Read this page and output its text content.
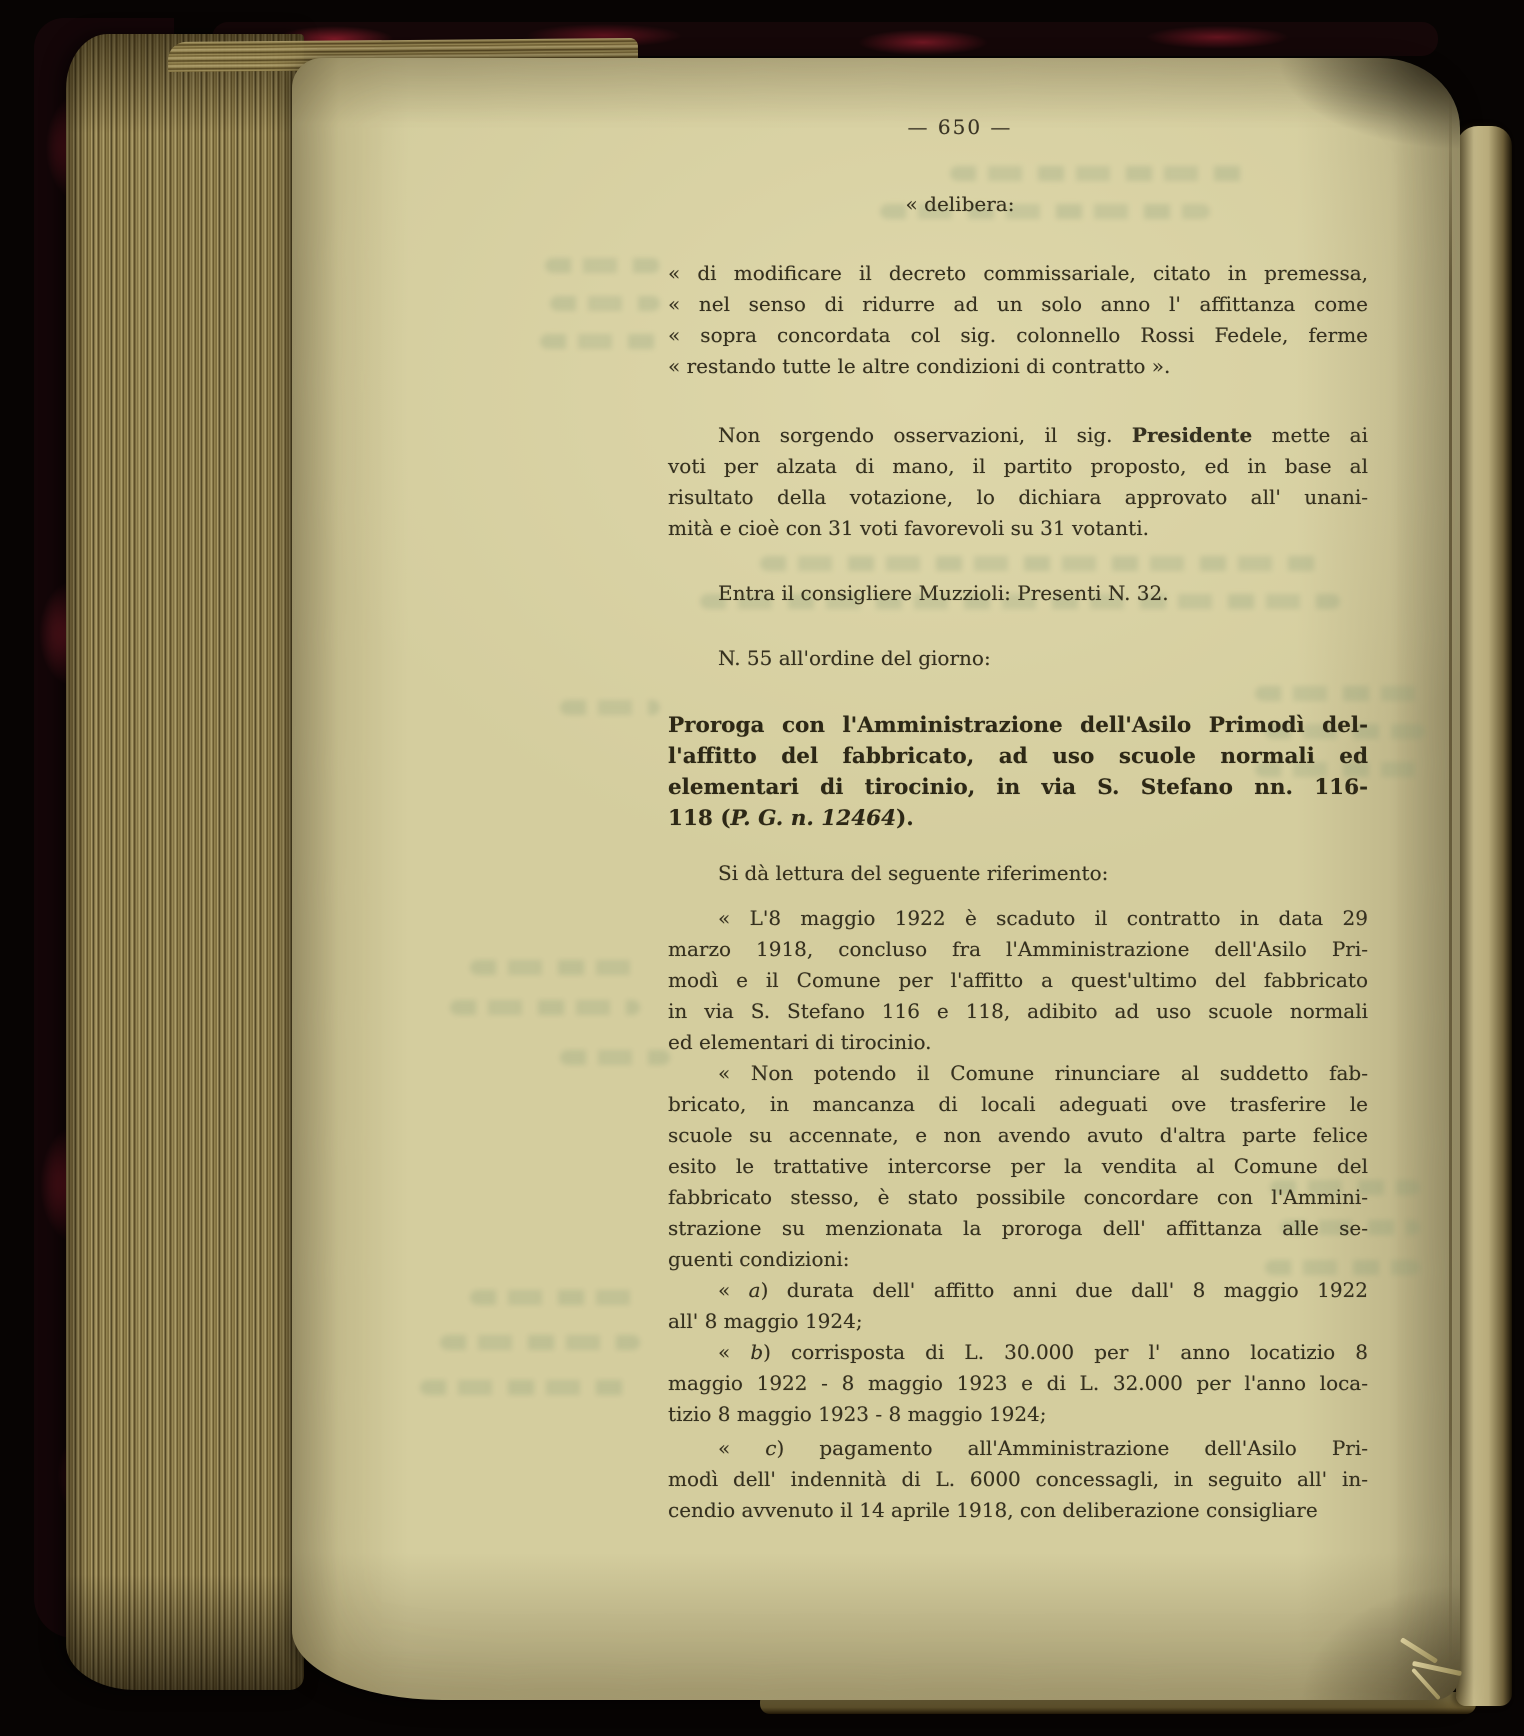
— 650 —
« delibera:
« di modificare il decreto commissariale, citato in premessa,
« nel senso di ridurre ad un solo anno l' affittanza come
« sopra concordata col sig. colonnello Rossi Fedele, ferme
« restando tutte le altre condizioni di contratto ».
Non sorgendo osservazioni, il sig. Presidente mette ai
voti per alzata di mano, il partito proposto, ed in base al
risultato della votazione, lo dichiara approvato all' unani-
mità e cioè con 31 voti favorevoli su 31 votanti.
Entra il consigliere Muzzioli: Presenti N. 32.
N. 55 all'ordine del giorno:
Proroga con l'Amministrazione dell'Asilo Primodì del-
l'affitto del fabbricato, ad uso scuole normali ed
elementari di tirocinio, in via S. Stefano nn. 116-
118 (P. G. n. 12464).
Si dà lettura del seguente riferimento:
« L'8 maggio 1922 è scaduto il contratto in data 29
marzo 1918, concluso fra l'Amministrazione dell'Asilo Pri-
modì e il Comune per l'affitto a quest'ultimo del fabbricato
in via S. Stefano 116 e 118, adibito ad uso scuole normali
ed elementari di tirocinio.
« Non potendo il Comune rinunciare al suddetto fab-
bricato, in mancanza di locali adeguati ove trasferire le
scuole su accennate, e non avendo avuto d'altra parte felice
esito le trattative intercorse per la vendita al Comune del
fabbricato stesso, è stato possibile concordare con l'Ammini-
strazione su menzionata la proroga dell' affittanza alle se-
guenti condizioni:
« a) durata dell' affitto anni due dall' 8 maggio 1922
all' 8 maggio 1924;
« b) corrisposta di L. 30.000 per l' anno locatizio 8
maggio 1922 - 8 maggio 1923 e di L. 32.000 per l'anno loca-
tizio 8 maggio 1923 - 8 maggio 1924;
« c) pagamento all'Amministrazione dell'Asilo Pri-
modì dell' indennità di L. 6000 concessagli, in seguito all' in-
cendio avvenuto il 14 aprile 1918, con deliberazione consigliare
